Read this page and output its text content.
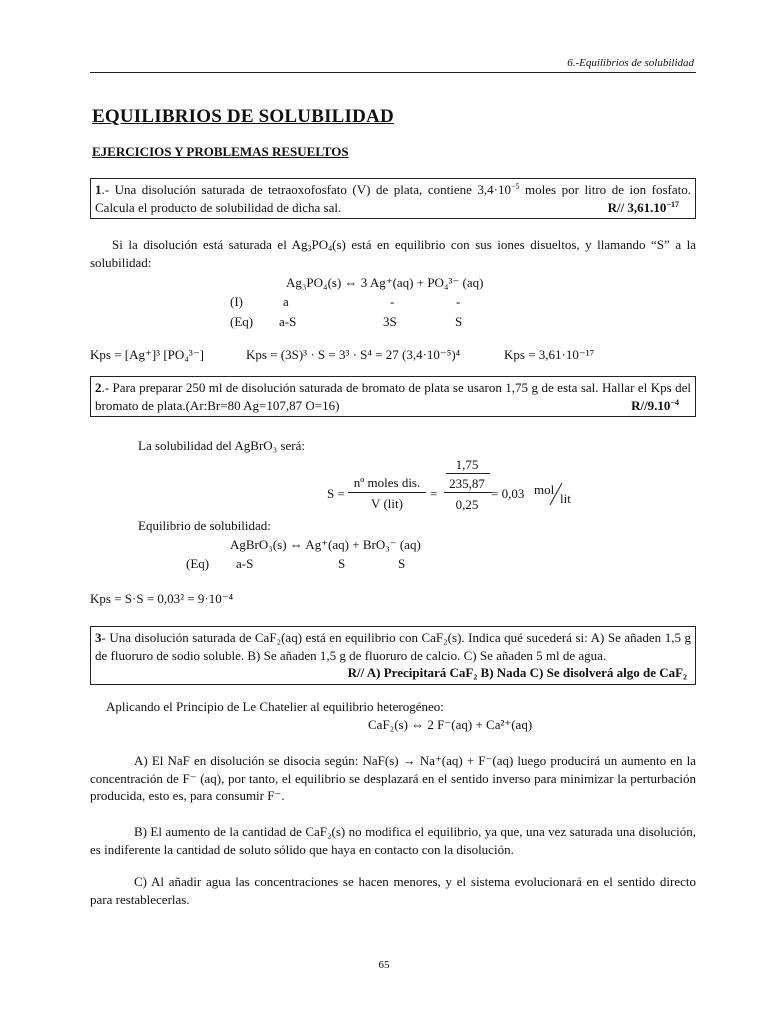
6.-Equilibrios de solubilidad
EQUILIBRIOS DE SOLUBILIDAD
EJERCICIOS Y PROBLEMAS RESUELTOS
1.- Una disolución saturada de tetraoxofosfato (V) de plata, contiene $3,4\cdot 10^{-5}$ moles por litro de ion fosfato. Calcula el producto de solubilidad de dicha sal.	R// $3,61.10^{-17}$
Si la disolución está saturada el $Ag_3PO_4(s)$ está en equilibrio con sus iones disueltos, y llamando “S” a la solubilidad:
Ag₃PO₄(s) ⇔ 3 Ag⁺(aq) + PO₄³⁻ (aq)
(I)	a	-	-
(Eq) a-S	3S	S
Kps = [Ag⁺]³ [PO₄³⁻]	Kps = (3S)³ · S = 3³ · S⁴ = 27 (3,4·10⁻⁵)⁴	Kps = 3,61·10⁻¹⁷
2.- Para preparar 250 ml de disolución saturada de bromato de plata se usaron 1,75 g de esta sal. Hallar el Kps del bromato de plata.(Ar:Br=80 Ag=107,87 O=16)	$R//9.10^{-4}$
La solubilidad del AgBrO₃ será:
S =
nº moles dis.
V (lit)
=
1,75
235,87
0,25
= 0,03 mol
lit
Equilibrio de solubilidad:
AgBrO₃(s) ⇔ Ag⁺(aq) + BrO₃⁻ (aq)
(Eq) a-S	S	S
Kps = S·S = 0,03² = 9·10⁻⁴
3- Una disolución saturada de CaF₂(aq) está en equilibrio con CaF₂(s). Indica qué sucederá si: A) Se añaden 1,5 g de fluoruro de sodio soluble. B) Se añaden 1,5 g de fluoruro de calcio. C) Se añaden 5 ml de agua.
R// A) Precipitará CaF₂ B) Nada C) Se disolverá algo de CaF₂
Aplicando el Principio de Le Chatelier al equilibrio heterogéneo:
CaF₂(s) ⇔ 2 F⁻(aq) + Ca²⁺(aq)
A) El NaF en disolución se disocia según: NaF(s) → Na⁺(aq) + F⁻(aq) luego producirá un aumento en la concentración de F⁻ (aq), por tanto, el equilibrio se desplazará en el sentido inverso para minimizar la perturbación producida, esto es, para consumir F⁻.
B) El aumento de la cantidad de CaF₂(s) no modifica el equilibrio, ya que, una vez saturada una disolución, es indiferente la cantidad de soluto sólido que haya en contacto con la disolución.
C) Al añadir agua las concentraciones se hacen menores, y el sistema evolucionará en el sentido directo para restablecerlas.
65
